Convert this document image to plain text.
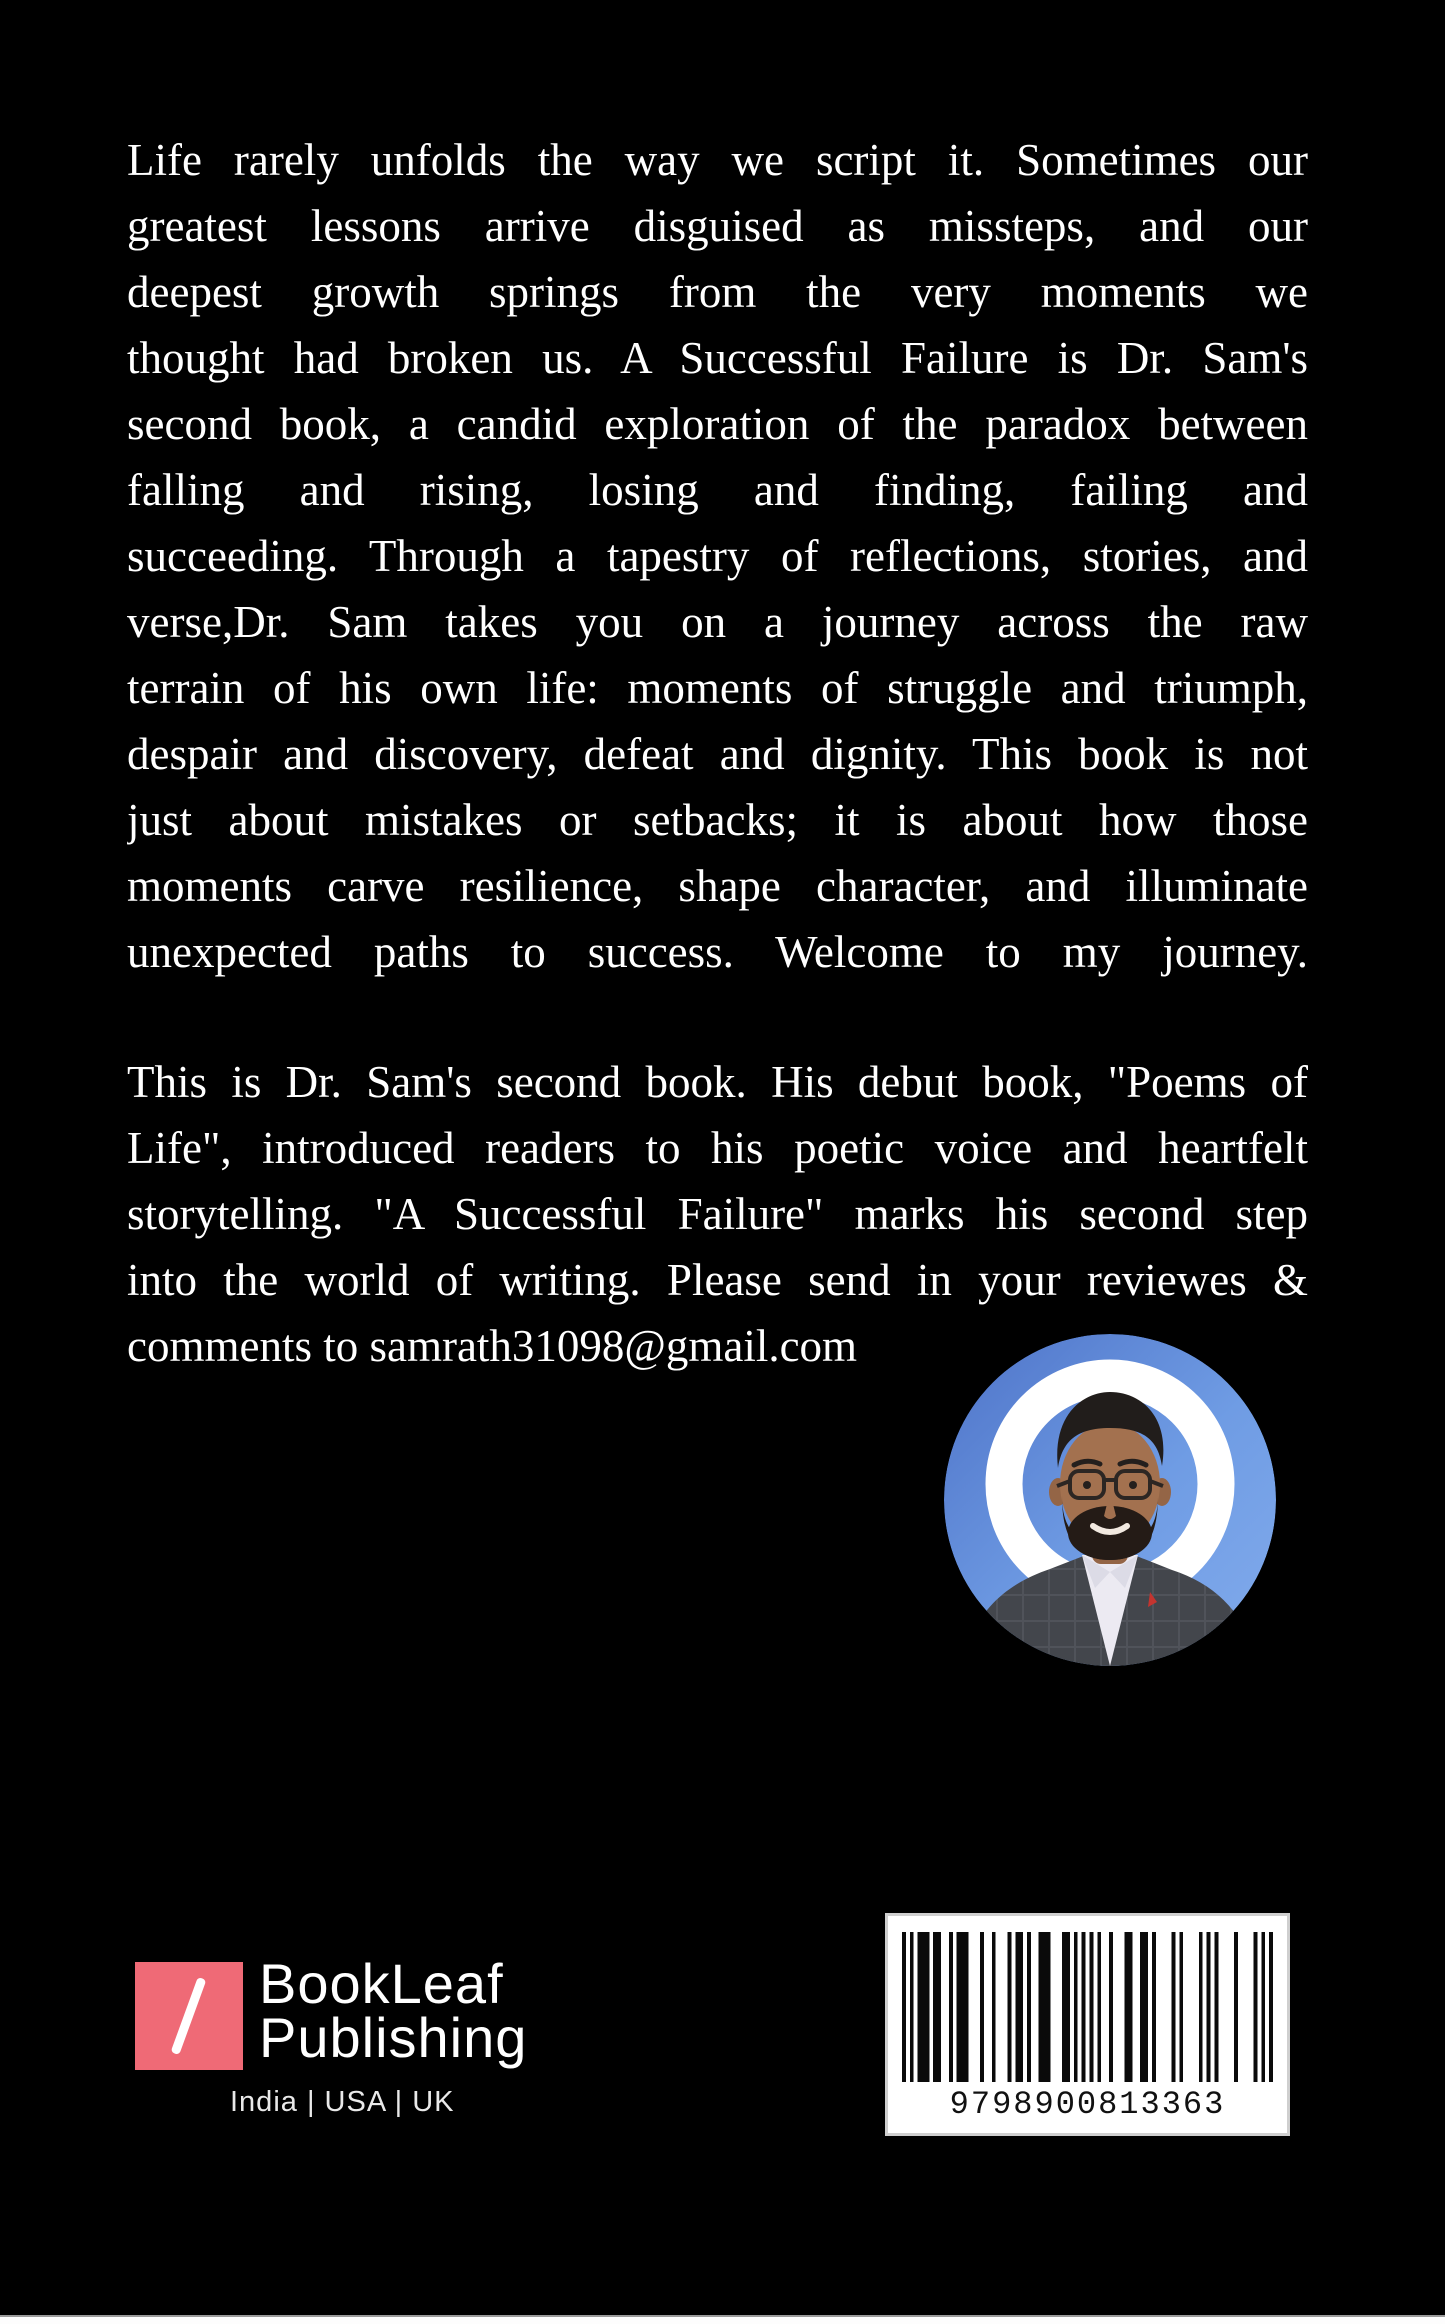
Life rarely unfolds the way we script it. Sometimes our
greatest lessons arrive disguised as missteps, and our
deepest growth springs from the very moments we
thought had broken us. A Successful Failure is Dr. Sam's
second book, a candid exploration of the paradox between
falling and rising, losing and finding, failing and
succeeding. Through a tapestry of reflections, stories, and
verse,Dr. Sam takes you on a journey across the raw
terrain of his own life: moments of struggle and triumph,
despair and discovery, defeat and dignity. This book is not
just about mistakes or setbacks; it is about how those
moments carve resilience, shape character, and illuminate
unexpected paths to success. Welcome to my journey.
This is Dr. Sam's second book. His debut book, "Poems of
Life", introduced readers to his poetic voice and heartfelt
storytelling. "A Successful Failure" marks his second step
into the world of writing. Please send in your reviewes &
comments to samrath31098@gmail.com
BookLeaf
Publishing
India | USA | UK	9798900813363
